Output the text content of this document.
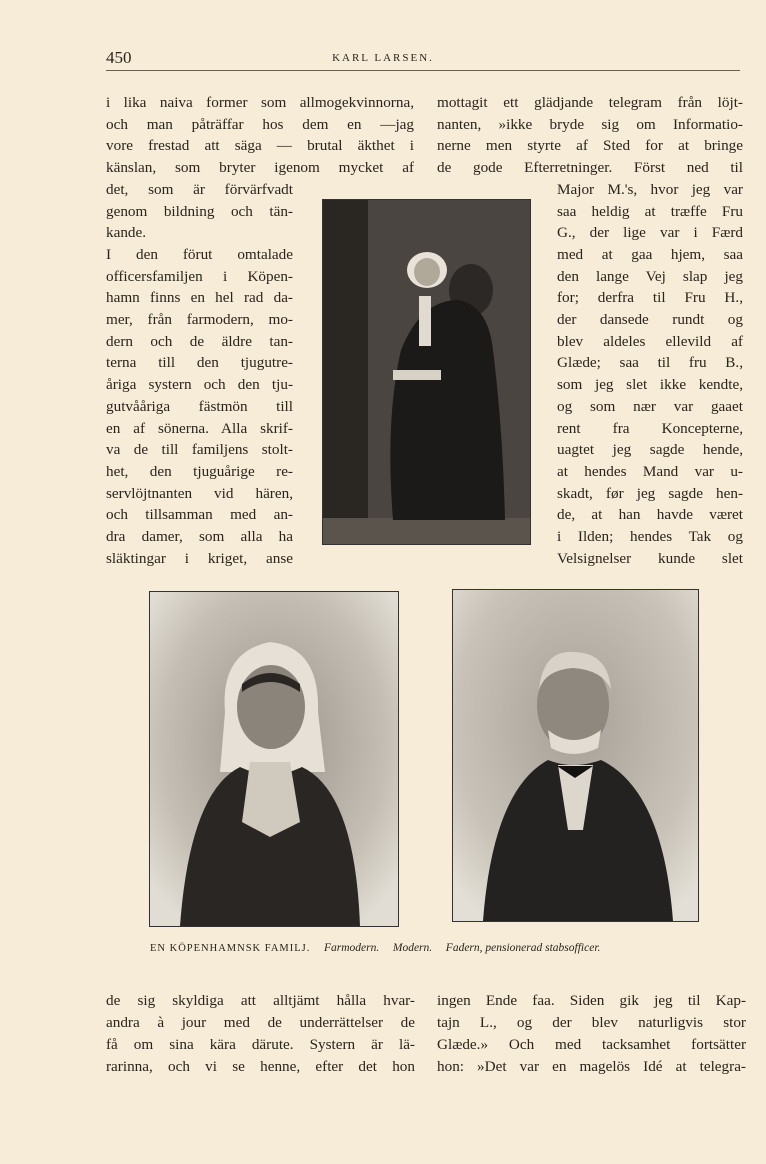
450	KARL LARSEN.
i lika naiva former som allmogekvinnorna,
och man påträffar hos dem en —jag
vore frestad att säga — brutal äkthet i
känslan, som bryter igenom mycket af
det, som är förvärfvadt
genom bildning och tän-
kande.
I den förut omtalade
officersfamiljen i Köpen-
hamn finns en hel rad da-
mer, från farmodern, mo-
dern och de äldre tan-
terna till den tjugutre-
åriga systern och den tju-
gutvååriga fästmön till
en af sönerna. Alla skrif-
va de till familjens stolt-
het, den tjuguårige re-
servlöjtnanten vid hären,
och tillsamman med an-
dra damer, som alla ha
släktingar i kriget, anse
mottagit ett glädjande telegram från löjt-
nanten, »ikke bryde sig om Informatio-
nerne men styrte af Sted for at bringe
de gode Efterretninger. Först ned til
Major M.'s, hvor jeg var
saa heldig at træffe Fru
G., der lige var i Færd
med at gaa hjem, saa
den lange Vej slap jeg
for; derfra til Fru H.,
der dansede rundt og
blev aldeles ellevild af
Glæde; saa til fru B.,
som jeg slet ikke kendte,
og som nær var gaaet
rent fra Koncepterne,
uagtet jeg sagde hende,
at hendes Mand var u-
skadt, før jeg sagde hen-
de, at han havde været
i Ilden; hendes Tak og
Velsignelser kunde slet
EN KÖPENHAMNSK FAMILJ. Farmodern. Modern. Fadern, pensionerad stabsofficer.
de sig skyldiga att alltjämt hålla hvar-
andra à jour med de underrättelser de
få om sina kära därute. Systern är lä-
rarinna, och vi se henne, efter det hon
ingen Ende faa. Siden gik jeg til Kap-
tajn L., og der blev naturligvis stor
Glæde.» Och med tacksamhet fortsätter
hon: »Det var en magelös Idé at telegra-
